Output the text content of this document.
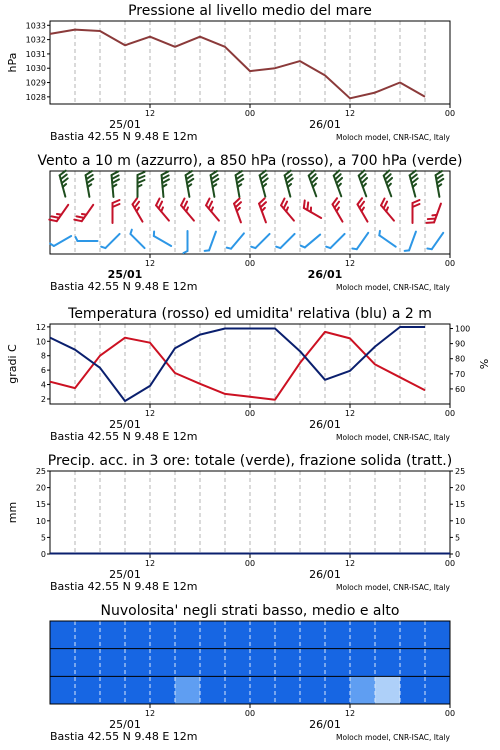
Pressione al livello medio del mare
12	00	12	00
25/01	26/01
Bastia 42.55 N 9.48 E 12m	Moloch model, CNR-ISAC, Italy
1028
1029
1030
1031
1032
1033
hPa
Vento a 10 m (azzurro), a 850 hPa (rosso), a 700 hPa (verde)
12	00	12	00
25/01	26/01
Bastia 42.55 N 9.48 E 12m	Moloch model, CNR-ISAC, Italy
Temperatura (rosso) ed umidita' relativa (blu) a 2 m
12	00	12	00
25/01	26/01
Bastia 42.55 N 9.48 E 12m	Moloch model, CNR-ISAC, Italy
2
4
6
8
10
12
60
70
80
90
100
gradi C	%
Precip. acc. in 3 ore: totale (verde), frazione solida (tratt.)
12	00	12	00
25/01	26/01
Bastia 42.55 N 9.48 E 12m	Moloch model, CNR-ISAC, Italy
0
5
10
15
20
25
0
5
10
15
20
25
mm
Nuvolosita' negli strati basso, medio e alto
12	00	12	00
25/01	26/01
Bastia 42.55 N 9.48 E 12m	Moloch model, CNR-ISAC, Italy
